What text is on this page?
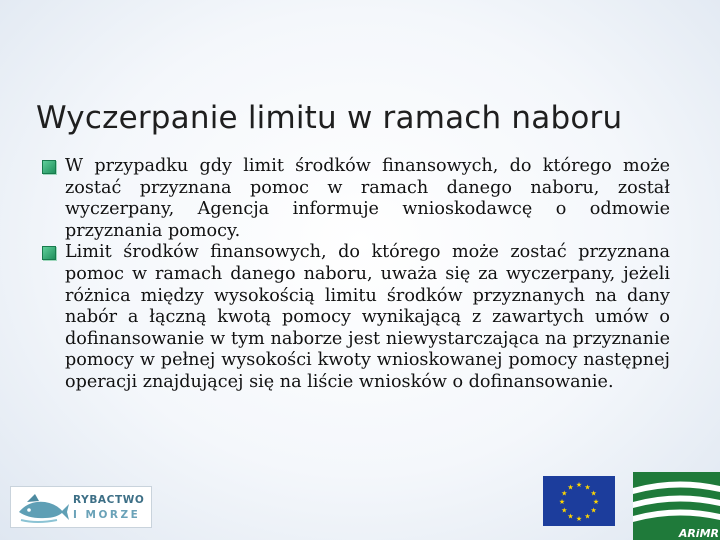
Wyczerpanie limitu w ramach naboru
W przypadku gdy limit środków finansowych, do którego może zostać przyznana pomoc w ramach danego naboru, został wyczerpany, Agencja informuje wnioskodawcę o odmowie przyznania pomocy.
Limit środków finansowych, do którego może zostać przyznana pomoc w ramach danego naboru, uważa się za wyczerpany, jeżeli różnica między wysokością limitu środków przyznanych na dany nabór a łączną kwotą pomocy wynikającą z zawartych umów o dofinansowanie w tym naborze jest niewystarczająca na przyznanie pomocy w pełnej wysokości kwoty wnioskowanej pomocy następnej operacji znajdującej się na liście wniosków o dofinansowanie.
RYBACTWO
I MORZE
★ ★
★
★
★
★
★
★
★
★
★
★
ARiMR
